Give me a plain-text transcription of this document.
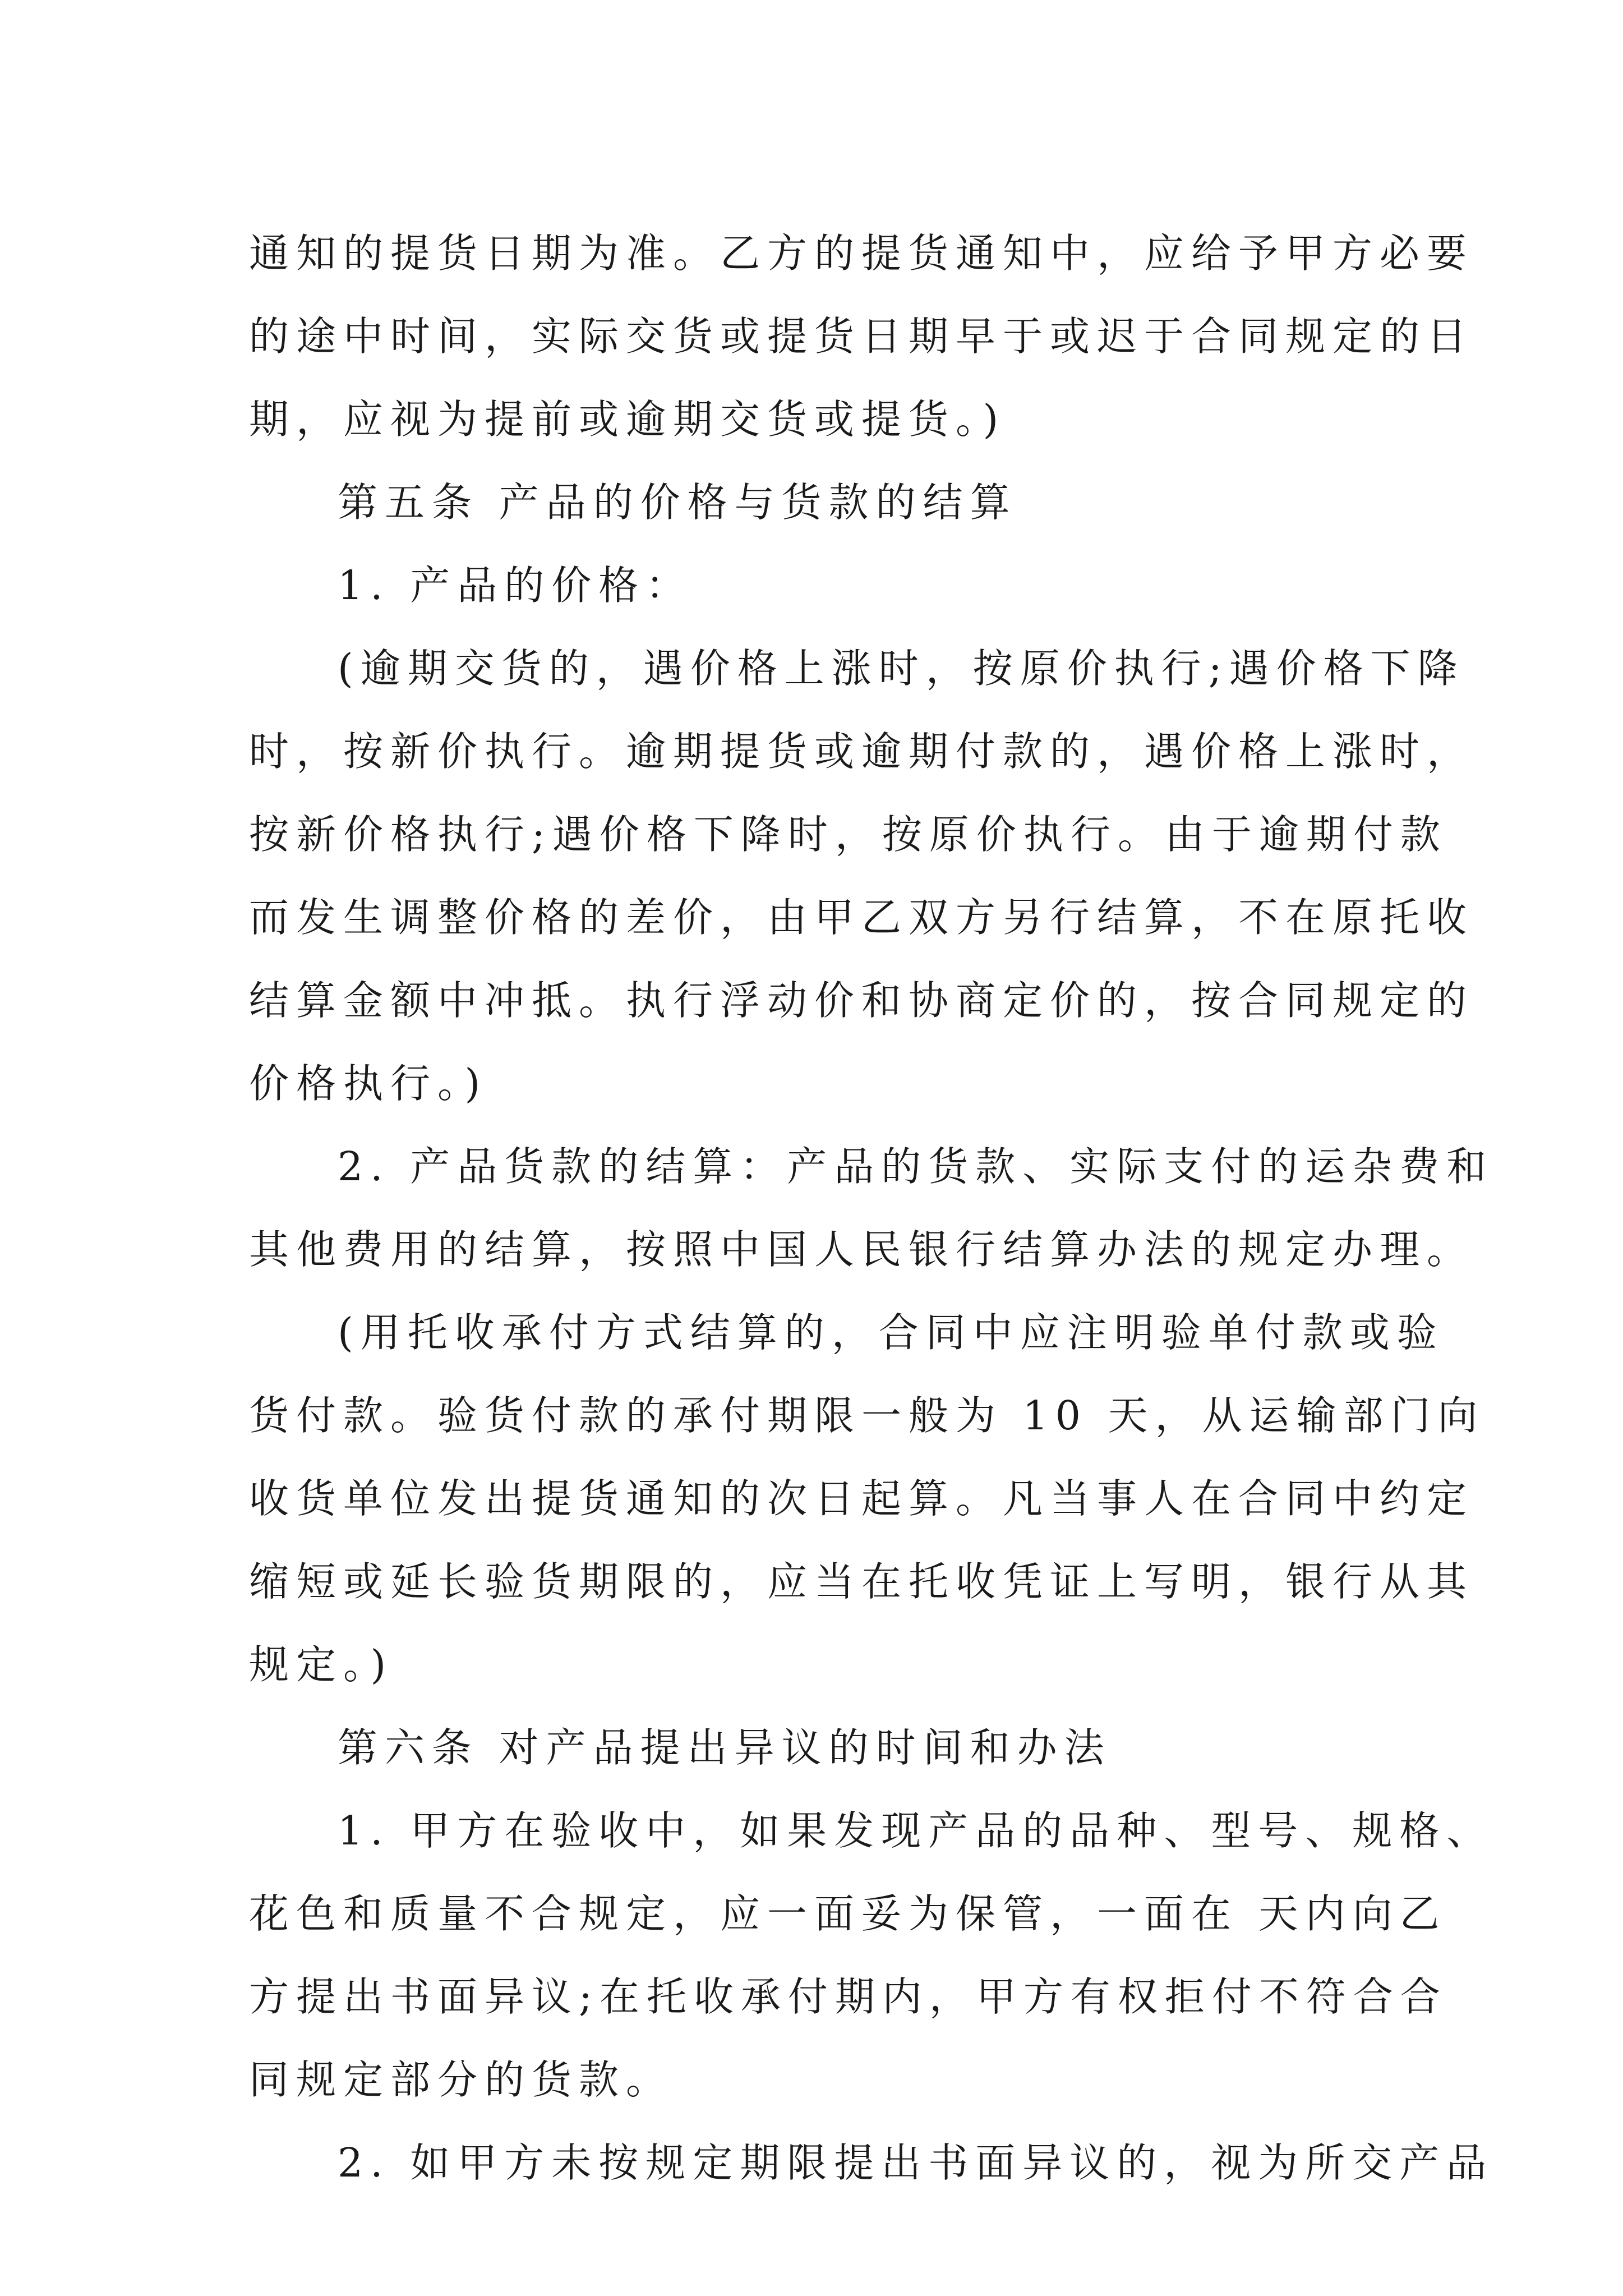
通知的提货日期为准。乙方的提货通知中，应给予甲方必要
的途中时间，实际交货或提货日期早于或迟于合同规定的日
期，应视为提前或逾期交货或提货。)
第五条 产品的价格与货款的结算
1. 产品的价格：
(逾期交货的，遇价格上涨时，按原价执行;遇价格下降
时，按新价执行。逾期提货或逾期付款的，遇价格上涨时，
按新价格执行;遇价格下降时，按原价执行。由于逾期付款
而发生调整价格的差价，由甲乙双方另行结算，不在原托收
结算金额中冲抵。执行浮动价和协商定价的，按合同规定的
价格执行。)
2. 产品货款的结算：产品的货款、实际支付的运杂费和
其他费用的结算，按照中国人民银行结算办法的规定办理。
(用托收承付方式结算的，合同中应注明验单付款或验
货付款。验货付款的承付期限一般为 10 天，从运输部门向
收货单位发出提货通知的次日起算。凡当事人在合同中约定
缩短或延长验货期限的，应当在托收凭证上写明，银行从其
规定。)
第六条 对产品提出异议的时间和办法
1. 甲方在验收中，如果发现产品的品种、型号、规格、
花色和质量不合规定，应一面妥为保管，一面在 天内向乙
方提出书面异议;在托收承付期内，甲方有权拒付不符合合
同规定部分的货款。
2. 如甲方未按规定期限提出书面异议的，视为所交产品
